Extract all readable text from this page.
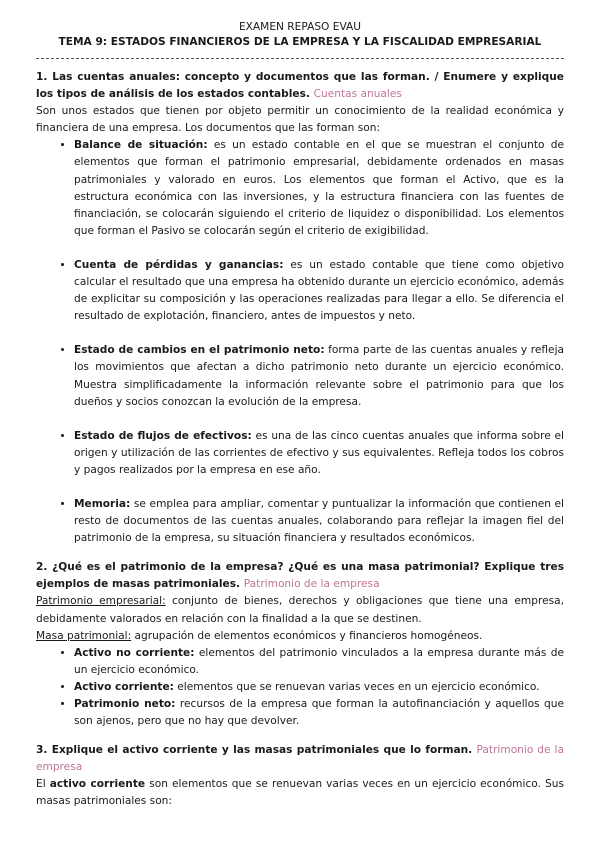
EXAMEN REPASO EVAU
TEMA 9: ESTADOS FINANCIEROS DE LA EMPRESA Y LA FISCALIDAD EMPRESARIAL

1. Las cuentas anuales: concepto y documentos que las forman. / Enumere y explique los tipos de análisis de los estados contables. Cuentas anuales

Son unos estados que tienen por objeto permitir un conocimiento de la realidad económica y financiera de una empresa. Los documentos que las forman son:

• Balance de situación: es un estado contable en el que se muestran el conjunto de elementos que forman el patrimonio empresarial, debidamente ordenados en masas patrimoniales y valorado en euros. Los elementos que forman el Activo, que es la estructura económica con las inversiones, y la estructura financiera con las fuentes de financiación, se colocarán siguiendo el criterio de liquidez o disponibilidad. Los elementos que forman el Pasivo se colocarán según el criterio de exigibilidad.
• Cuenta de pérdidas y ganancias: es un estado contable que tiene como objetivo calcular el resultado que una empresa ha obtenido durante un ejercicio económico, además de explicitar su composición y las operaciones realizadas para llegar a ello. Se diferencia el resultado de explotación, financiero, antes de impuestos y neto.
• Estado de cambios en el patrimonio neto: forma parte de las cuentas anuales y refleja los movimientos que afectan a dicho patrimonio neto durante un ejercicio económico. Muestra simplificadamente la información relevante sobre el patrimonio para que los dueños y socios conozcan la evolución de la empresa.
• Estado de flujos de efectivos: es una de las cinco cuentas anuales que informa sobre el origen y utilización de las corrientes de efectivo y sus equivalentes. Refleja todos los cobros y pagos realizados por la empresa en ese año.
• Memoria: se emplea para ampliar, comentar y puntualizar la información que contienen el resto de documentos de las cuentas anuales, colaborando para reflejar la imagen fiel del patrimonio de la empresa, su situación financiera y resultados económicos.

2. ¿Qué es el patrimonio de la empresa? ¿Qué es una masa patrimonial? Explique tres ejemplos de masas patrimoniales. Patrimonio de la empresa

Patrimonio empresarial: conjunto de bienes, derechos y obligaciones que tiene una empresa, debidamente valorados en relación con la finalidad a la que se destinen.

Masa patrimonial: agrupación de elementos económicos y financieros homogéneos.

• Activo no corriente: elementos del patrimonio vinculados a la empresa durante más de un ejercicio económico.
• Activo corriente: elementos que se renuevan varias veces en un ejercicio económico.
• Patrimonio neto: recursos de la empresa que forman la autofinanciación y aquellos que son ajenos, pero que no hay que devolver.

3. Explique el activo corriente y las masas patrimoniales que lo forman. Patrimonio de la empresa

El activo corriente son elementos que se renuevan varias veces en un ejercicio económico. Sus masas patrimoniales son:
